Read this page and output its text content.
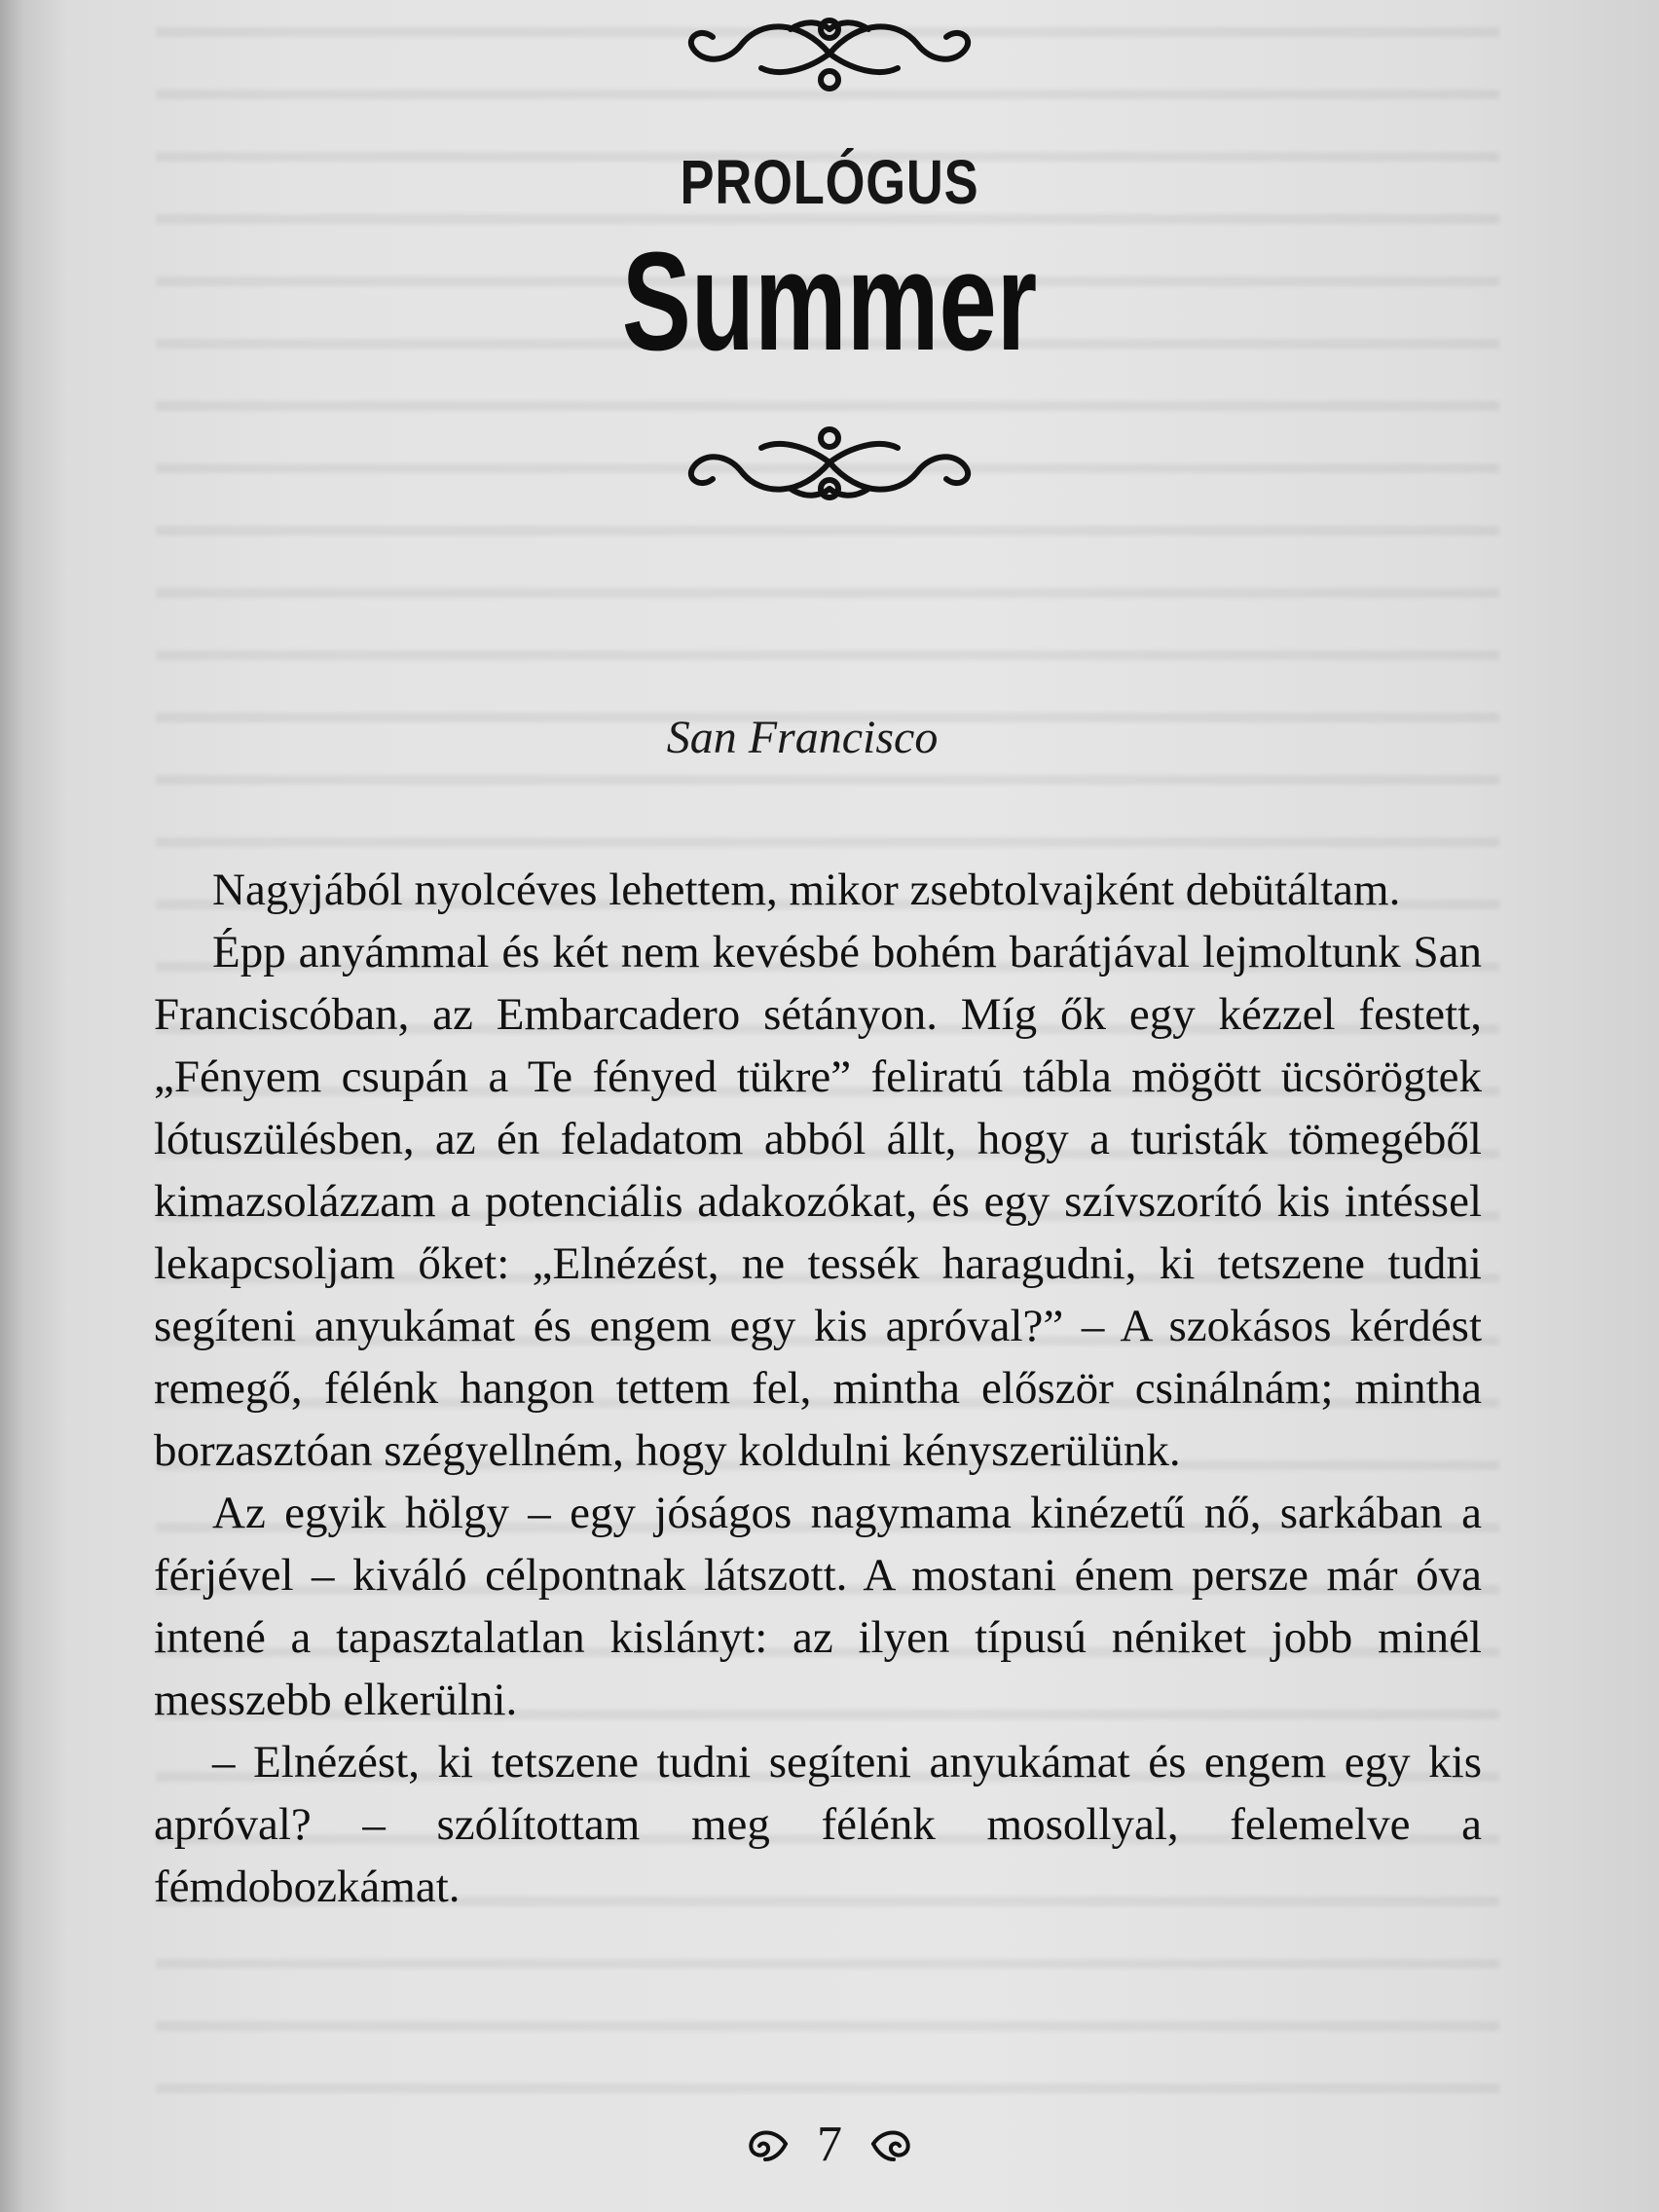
PROLÓGUS
Summer
San Francisco

Nagyjából nyolcéves lehettem, mikor zsebtolvajként debütáltam.

Épp anyámmal és két nem kevésbé bohém barátjával lejmoltunk San Franciscóban, az Embarcadero sétányon. Míg ők egy kézzel festett, „Fényem csupán a Te fényed tükre” feliratú tábla mögött ücsörögtek lótuszülésben, az én feladatom abból állt, hogy a turisták tömegéből kimazsolázzam a potenciális adakozókat, és egy szívszorító kis intéssel lekapcsoljam őket: „Elnézést, ne tessék haragudni, ki tetszene tudni segíteni anyukámat és engem egy kis apróval?” – A szokásos kérdést remegő, félénk hangon tettem fel, mintha először csinálnám; mintha borzasztóan szégyellném, hogy koldulni kényszerülünk.

Az egyik hölgy – egy jóságos nagymama kinézetű nő, sarkában a férjével – kiváló célpontnak látszott. A mostani énem persze már óva intené a tapasztalatlan kislányt: az ilyen típusú néniket jobb minél messzebb elkerülni.

– Elnézést, ki tetszene tudni segíteni anyukámat és engem egy kis apróval? – szólítottam meg félénk mosollyal, felemelve a fémdobozkámat.

7
